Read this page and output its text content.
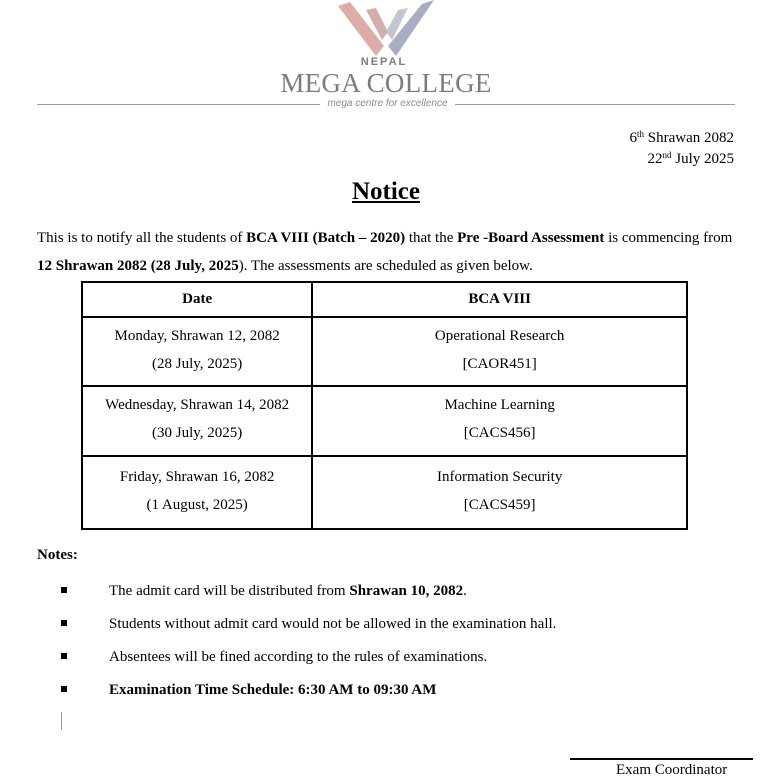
NEPAL
MEGA COLLEGE
mega centre for excellence
6th Shrawan 2082
22nd July 2025
Notice
This is to notify all the students of BCA VIII (Batch – 2020) that the Pre -Board Assessment is commencing from 12 Shrawan 2082 (28 July, 2025). The assessments are scheduled as given below.
Date	BCA VIII

Monday, Shrawan 12, 2082
(28 July, 2025)	Operational Research
[CAOR451]

Wednesday, Shrawan 14, 2082
(30 July, 2025)	Machine Learning
[CACS456]

Friday, Shrawan 16, 2082
(1 August, 2025)	Information Security
[CACS459]
Notes:
The admit card will be distributed from Shrawan 10, 2082.
Students without admit card would not be allowed in the examination hall.
Absentees will be fined according to the rules of examinations.
Examination Time Schedule: 6:30 AM to 09:30 AM
Exam Coordinator
